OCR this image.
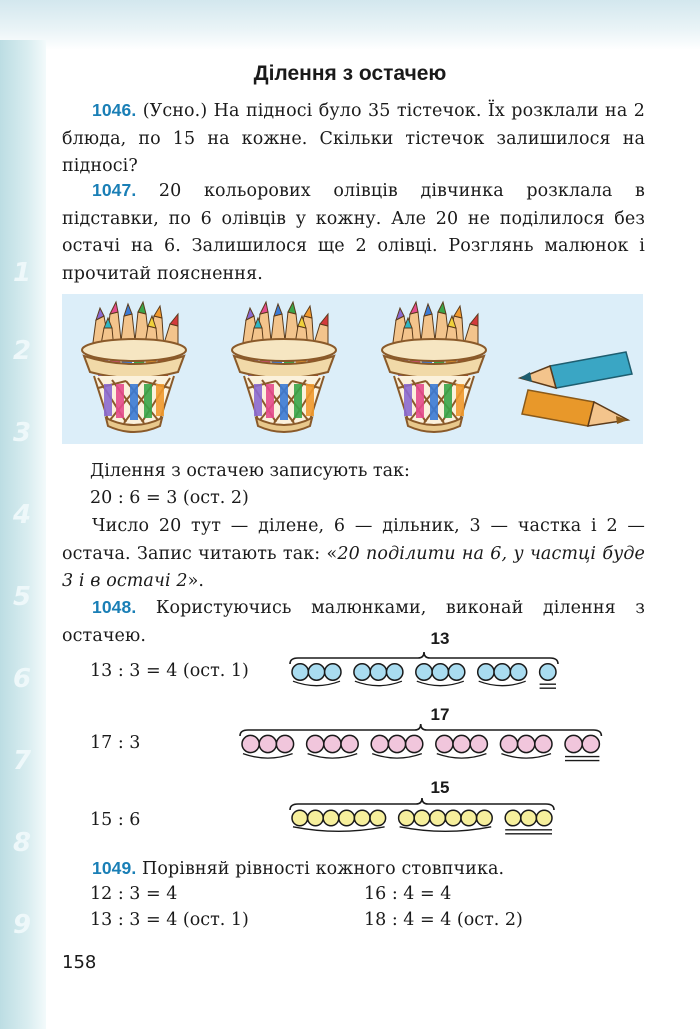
1
2
3
4
5
6
7
8
9
Ділення з остачею
1046. (Усно.) На підносі було 35 тістечок. Їх розклали на 2 блюда, по 15 на кожне. Скільки тістечок залишилося на підносі?
1047. 20 кольорових олівців дівчинка розклала в підставки, по 6 олівців у кожну. Але 20 не поділилося без остачі на 6. Залишилося ще 2 олівці. Розглянь малюнок і прочитай пояснення.
Ділення з остачею записують так:
20 : 6 = 3 (ост. 2)
Число 20 тут — ділене, 6 — дільник, 3 — частка і 2 — остача. Запис читають так: «20 поділити на 6, у частці буде 3 і в остачі 2».
1048. Користуючись малюнками, виконай ділення з остачею.
13 : 3 = 4 (ост. 1)
17 : 3
15 : 6
13
17
15
1049. Порівняй рівності кожного стовпчика.
12 : 3 = 4
13 : 3 = 4 (ост. 1)
16 : 4 = 4
18 : 4 = 4 (ост. 2)
158
